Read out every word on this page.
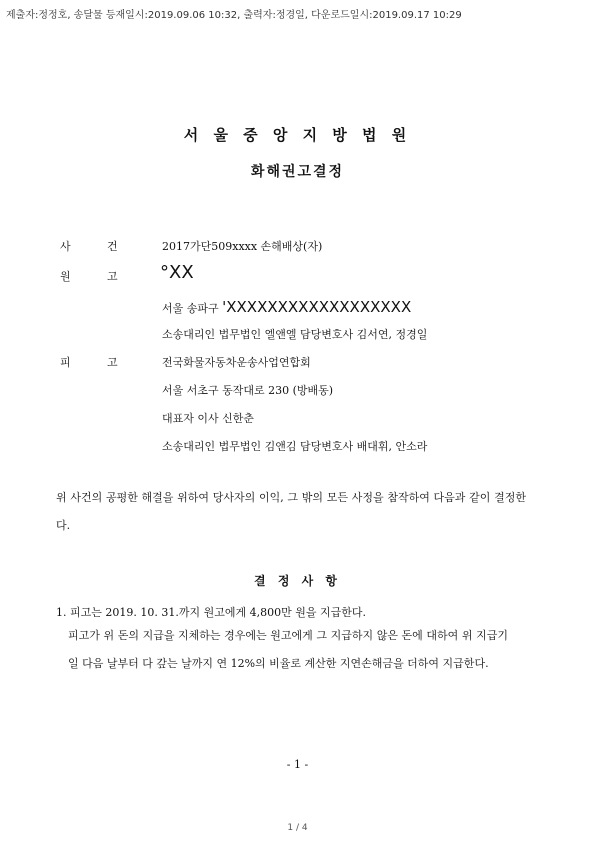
제출자:정정호, 송달물 등재일시:2019.09.06 10:32, 출력자:정경일, 다운로드일시:2019.09.17 10:29
서 울 중 앙 지 방 법 원
화해권고결정
사	건	2017가단509xxxx 손해배상(자)
원	고 °XX
서울 송파구 'XXXXXXXXXXXXXXXXXX
소송대리인 법무법인 엘앤엘 담당변호사 김서연, 정경일
피	고	전국화물자동차운송사업연합회
서울 서초구 동작대로 230 (방배동)
대표자 이사 신한춘
소송대리인 법무법인 김앤김 담당변호사 배대휘, 안소라
위 사건의 공평한 해결을 위하여 당사자의 이익, 그 밖의 모든 사정을 참작하여 다음과 같이 결정한다.
결 정 사 항
1. 피고는 2019. 10. 31.까지 원고에게 4,800만 원을 지급한다.
피고가 위 돈의 지급을 지체하는 경우에는 원고에게 그 지급하지 않은 돈에 대하여 위 지급기일 다음 날부터 다 갚는 날까지 연 12%의 비율로 계산한 지연손해금을 더하여 지급한다.
- 1 -
1 / 4
